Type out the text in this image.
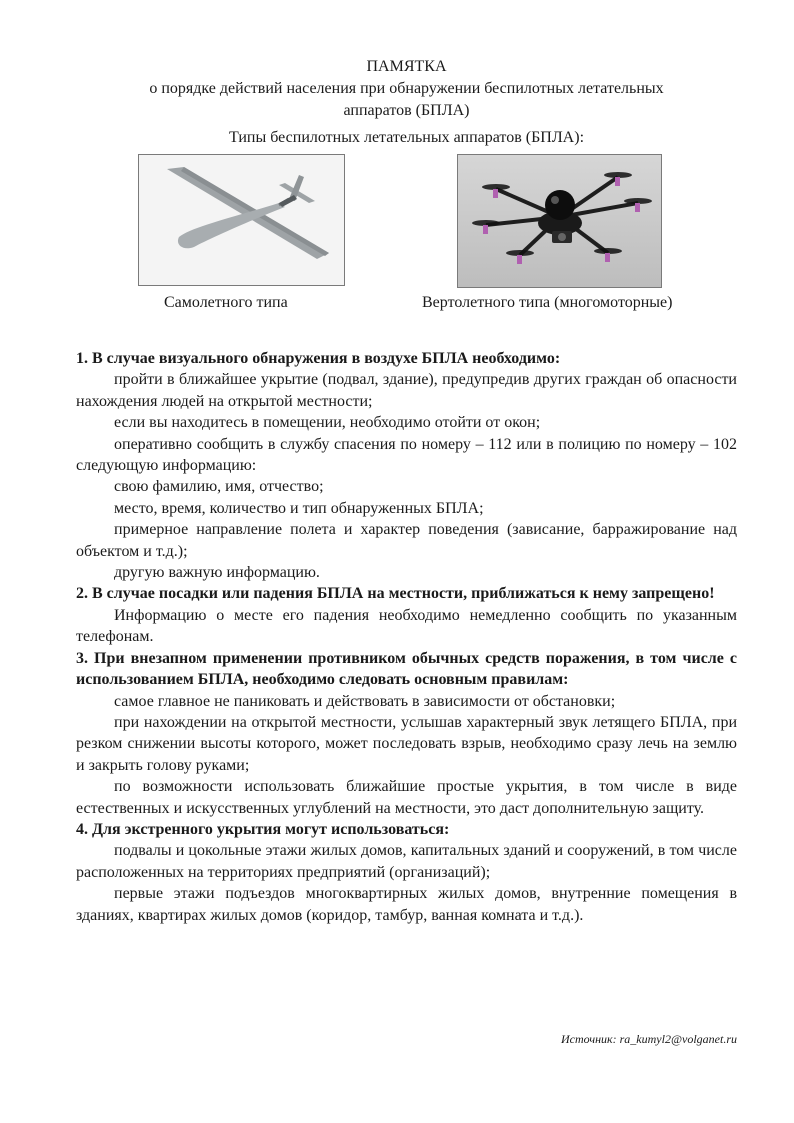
ПАМЯТКА
о порядке действий населения при обнаружении беспилотных летательных
аппаратов (БПЛА)
Типы беспилотных летательных аппаратов (БПЛА):
Самолетного типа	Вертолетного типа (многомоторные)

1. В случае визуального обнаружения в воздухе БПЛА необходимо:

пройти в ближайшее укрытие (подвал, здание), предупредив других граждан об опасности нахождения людей на открытой местности;

если вы находитесь в помещении, необходимо отойти от окон;

оперативно сообщить в службу спасения по номеру – 112 или в полицию по номеру – 102 следующую информацию:

свою фамилию, имя, отчество;

место, время, количество и тип обнаруженных БПЛА;

примерное направление полета и характер поведения (зависание, барражирование над объектом и т.д.);

другую важную информацию.

2. В случае посадки или падения БПЛА на местности, приближаться к нему запрещено!

Информацию о месте его падения необходимо немедленно сообщить по указанным телефонам.

3. При внезапном применении противником обычных средств поражения, в том числе с использованием БПЛА, необходимо следовать основным правилам:

самое главное не паниковать и действовать в зависимости от обстановки;

при нахождении на открытой местности, услышав характерный звук летящего БПЛА, при резком снижении высоты которого, может последовать взрыв, необходимо сразу лечь на землю и закрыть голову руками;

по возможности использовать ближайшие простые укрытия, в том числе в виде естественных и искусственных углублений на местности, это даст дополнительную защиту.

4. Для экстренного укрытия могут использоваться:

подвалы и цокольные этажи жилых домов, капитальных зданий и сооружений, в том числе расположенных на территориях предприятий (организаций);

первые этажи подъездов многоквартирных жилых домов, внутренние помещения в зданиях, квартирах жилых домов (коридор, тамбур, ванная комната и т.д.).

Источник: ra_kumyl2@volganet.ru
